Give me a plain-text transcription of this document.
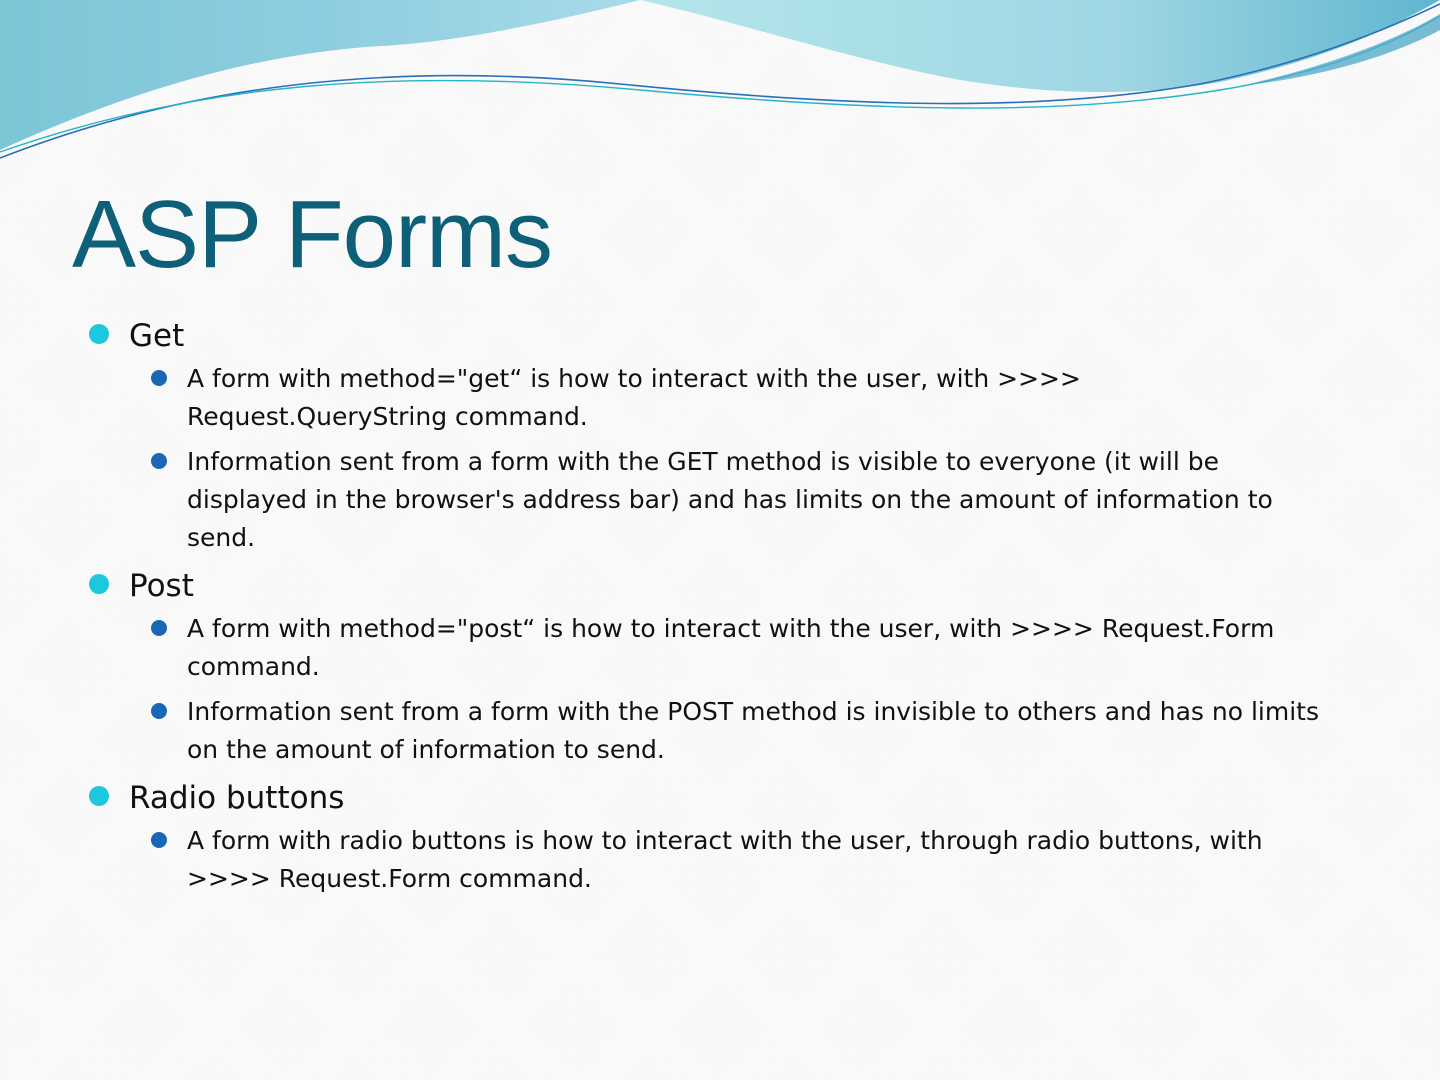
ASP Forms
Get
A form with method="get“ is how to interact with the user, with >>>> Request.QueryString command.
Information sent from a form with the GET method is visible to everyone (it will be displayed in the browser's address bar) and has limits on the amount of information to send.
Post
A form with method="post“ is how to interact with the user, with >>>> Request.Form command.
Information sent from a form with the POST method is invisible to others and has no limits on the amount of information to send.
Radio buttons
A form with radio buttons is how to interact with the user, through radio buttons, with >>>> Request.Form command.
